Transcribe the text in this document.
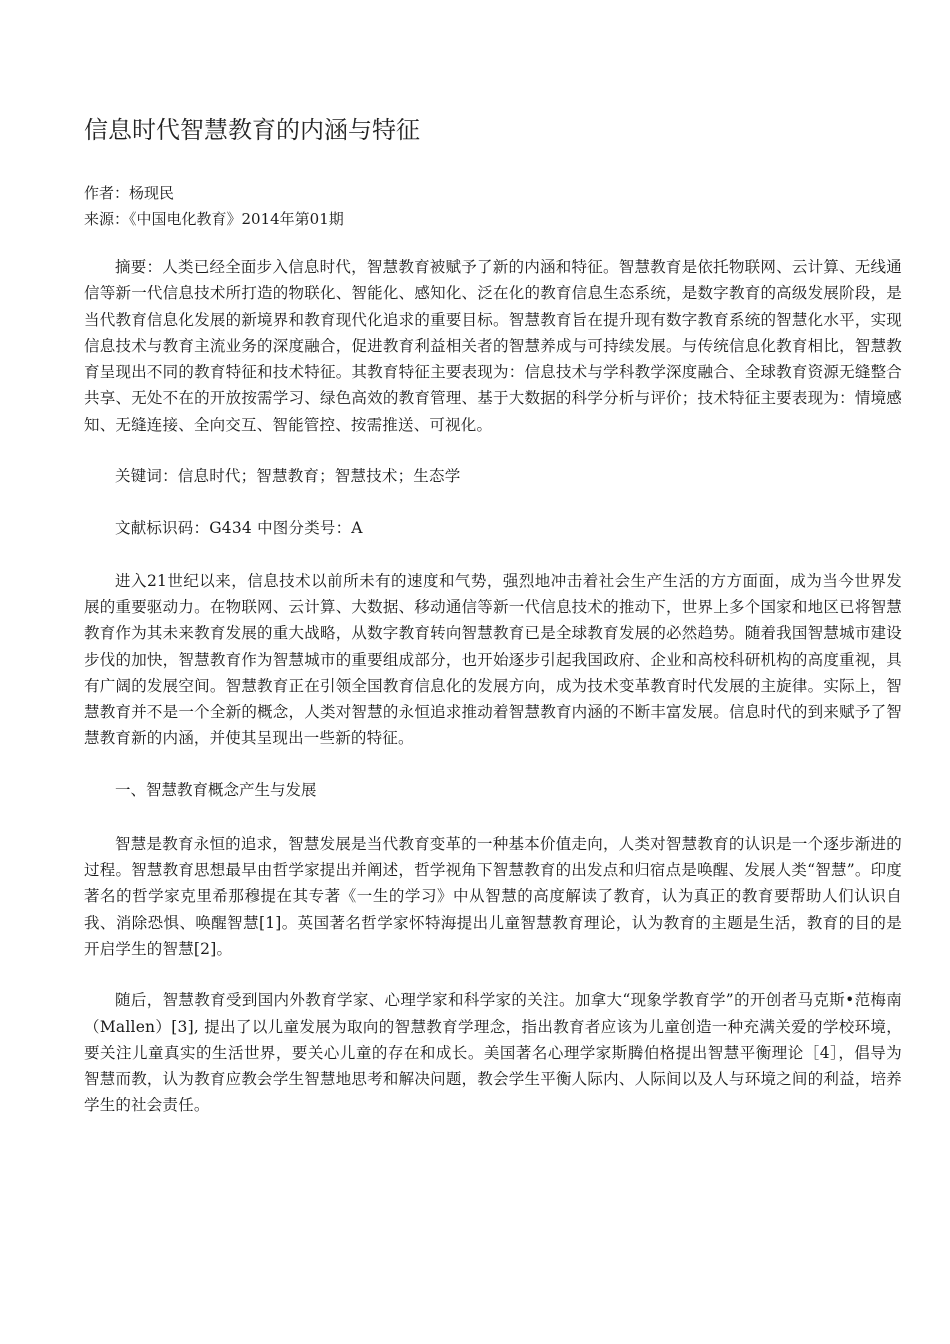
信息时代智慧教育的内涵与特征

作者：杨现民

来源：《中国电化教育》2014年第01期

摘要：人类已经全面步入信息时代，智慧教育被赋予了新的内涵和特征。智慧教育是依托物联网、云计算、无线通信等新一代信息技术所打造的物联化、智能化、感知化、泛在化的教育信息生态系统，是数字教育的高级发展阶段，是当代教育信息化发展的新境界和教育现代化追求的重要目标。智慧教育旨在提升现有数字教育系统的智慧化水平，实现信息技术与教育主流业务的深度融合，促进教育利益相关者的智慧养成与可持续发展。与传统信息化教育相比，智慧教育呈现出不同的教育特征和技术特征。其教育特征主要表现为：信息技术与学科教学深度融合、全球教育资源无缝整合共享、无处不在的开放按需学习、绿色高效的教育管理、基于大数据的科学分析与评价；技术特征主要表现为：情境感知、无缝连接、全向交互、智能管控、按需推送、可视化。

关键词：信息时代；智慧教育；智慧技术；生态学

文献标识码：G434 中图分类号：A

进入21世纪以来，信息技术以前所未有的速度和气势，强烈地冲击着社会生产生活的方方面面，成为当今世界发展的重要驱动力。在物联网、云计算、大数据、移动通信等新一代信息技术的推动下，世界上多个国家和地区已将智慧教育作为其未来教育发展的重大战略，从数字教育转向智慧教育已是全球教育发展的必然趋势。随着我国智慧城市建设步伐的加快，智慧教育作为智慧城市的重要组成部分，也开始逐步引起我国政府、企业和高校科研机构的高度重视，具有广阔的发展空间。智慧教育正在引领全国教育信息化的发展方向，成为技术变革教育时代发展的主旋律。实际上，智慧教育并不是一个全新的概念，人类对智慧的永恒追求推动着智慧教育内涵的不断丰富发展。信息时代的到来赋予了智慧教育新的内涵，并使其呈现出一些新的特征。

一、智慧教育概念产生与发展

智慧是教育永恒的追求，智慧发展是当代教育变革的一种基本价值走向，人类对智慧教育的认识是一个逐步渐进的过程。智慧教育思想最早由哲学家提出并阐述，哲学视角下智慧教育的出发点和归宿点是唤醒、发展人类“智慧”。印度著名的哲学家克里希那穆提在其专著《一生的学习》中从智慧的高度解读了教育，认为真正的教育要帮助人们认识自我、消除恐惧、唤醒智慧[1]。英国著名哲学家怀特海提出儿童智慧教育理论，认为教育的主题是生活，教育的目的是开启学生的智慧[2]。

随后，智慧教育受到国内外教育学家、心理学家和科学家的关注。加拿大“现象学教育学”的开创者马克斯•范梅南（Mallen）[3], 提出了以儿童发展为取向的智慧教育学理念，指出教育者应该为儿童创造一种充满关爱的学校环境，要关注儿童真实的生活世界，要关心儿童的存在和成长。美国著名心理学家斯腾伯格提出智慧平衡理论［4］，倡导为智慧而教，认为教育应教会学生智慧地思考和解决问题，教会学生平衡人际内、人际间以及人与环境之间的利益，培养学生的社会责任。
